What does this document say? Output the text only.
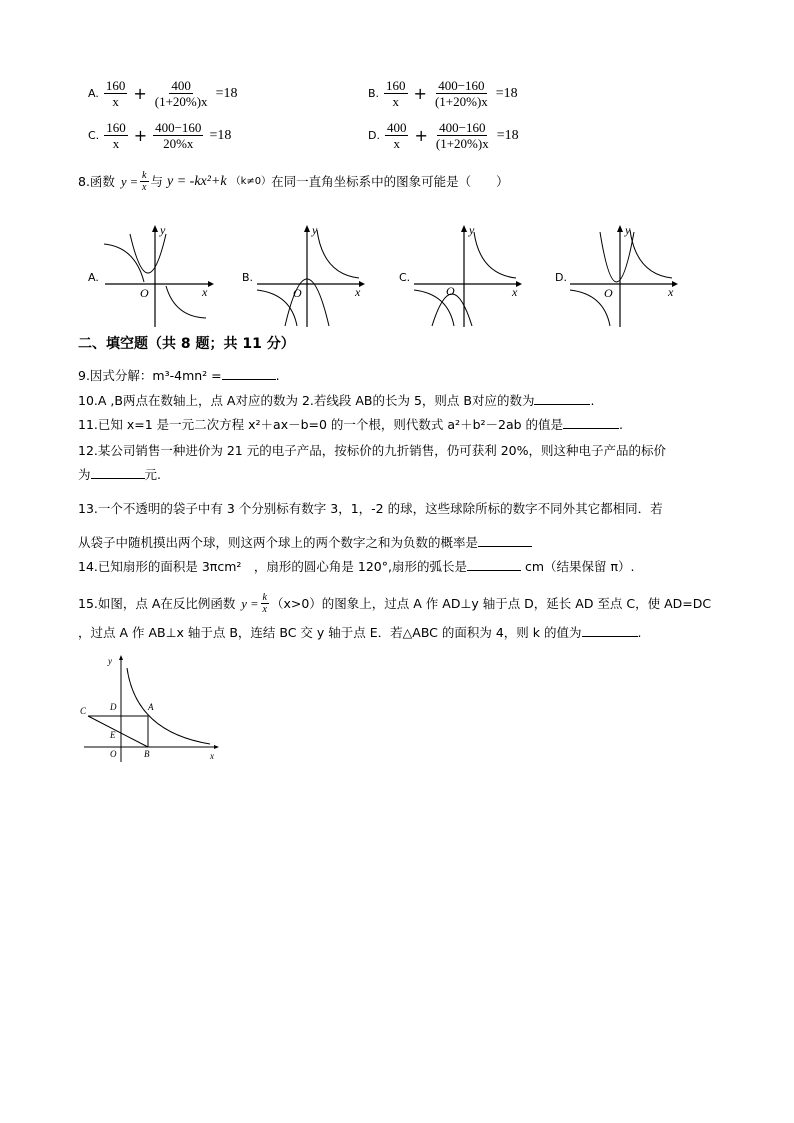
A. $\frac{160}{x} + \frac{400}{(1+20\%)x} =18$	B. $\frac{160}{x} + \frac{400-160}{(1+20\%)x} =18$
C. $\frac{160}{x} + \frac{400-160}{20\%x} =18$	D. $\frac{400}{x} + \frac{400-160}{(1+20\%)x} =18$
8.函数 $y = \frac{k}{x}$ 与 y = -kx²+k （k≠0） 在同一直角坐标系中的图象可能是（　　）
A.	B.	C.	D.
y
x
O
y
x
O
y
x
O
y
x
O
二、填空题（共 8 题；共 11 分）
9.因式分解：m³-4mn² =	.
10.A ,B两点在数轴上，点 A对应的数为 2.若线段 AB的长为 5，则点 B对应的数为	.
11.已知 x=1 是一元二次方程 x²＋ax－b=0 的一个根，则代数式 a²＋b²－2ab 的值是	.
12.某公司销售一种进价为 21 元的电子产品，按标价的九折销售，仍可获利 20%，则这种电子产品的标价
为	元.
13.一个不透明的袋子中有 3 个分别标有数字 3，1，-2 的球，这些球除所标的数字不同外其它都相同．若
从袋子中随机摸出两个球，则这两个球上的两个数字之和为负数的概率是
14.已知扇形的面积是 3πcm²　，扇形的圆心角是 120°,扇形的弧长是	cm（结果保留 π）.
15.如图，点 A在反比例函数 $y = \frac{k}{x} (x>0)$的图象上，过点 A 作 AD⊥y 轴于点 D，延长 AD 至点 C，使 AD=DC
，过点 A 作 AB⊥x 轴于点 B，连结 BC 交 y 轴于点 E．若△ABC 的面积为 4，则 k 的值为	.
y
x
C	D	A
E
O	B
